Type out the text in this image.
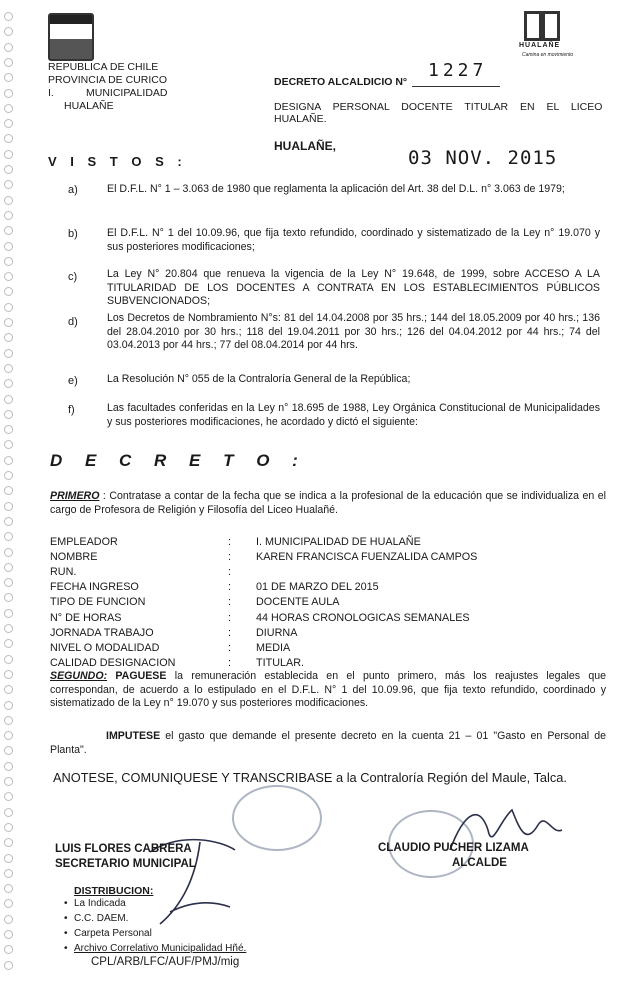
REPUBLICA DE CHILE
PROVINCIA DE CURICO
I.	MUNICIPALIDAD
HUALAÑE
HUALAÑE
Camina en movimiento
DECRETO ALCALDICIO N°
1227
DESIGNA PERSONAL DOCENTE TITULAR EN EL LICEO
HUALAÑE.
HUALAÑE,
03 NOV. 2015
V I S T O S :
a)	El D.F.L. N° 1 – 3.063 de 1980 que reglamenta la aplicación del Art. 38 del D.L. n° 3.063 de 1979;
b)	El D.F.L. N° 1 del 10.09.96, que fija texto refundido, coordinado y sistematizado de la Ley n° 19.070 y sus posteriores modificaciones;
c)	La Ley N° 20.804 que renueva la vigencia de la Ley N° 19.648, de 1999, sobre ACCESO A LA TITULARIDAD DE LOS DOCENTES A CONTRATA EN LOS ESTABLECIMIENTOS PÚBLICOS SUBVENCIONADOS;
d)	Los Decretos de Nombramiento N°s: 81 del 14.04.2008 por 35 hrs.; 144 del 18.05.2009 por 40 hrs.; 136 del 28.04.2010 por 30 hrs.; 118 del 19.04.2011 por 30 hrs.; 126 del 04.04.2012 por 44 hrs.; 74 del 03.04.2013 por 44 hrs.; 77 del 08.04.2014 por 44 hrs.
e)	La Resolución N° 055 de la Contraloría General de la República;
f)	Las facultades conferidas en la Ley n° 18.695 de 1988, Ley Orgánica Constitucional de Municipalidades y sus posteriores modificaciones, he acordado y dictó el siguiente:
D E C R E T O :
PRIMERO : Contratase a contar de la fecha que se indica a la profesional de la educación que se individualiza en el cargo de Profesora de Religión y Filosofía del Liceo Hualañé.
EMPLEADOR	: I. MUNICIPALIDAD DE HUALAÑE
NOMBRE	: KAREN FRANCISCA FUENZALIDA CAMPOS
RUN.	:
FECHA INGRESO	: 01 DE MARZO DEL 2015
TIPO DE FUNCION	: DOCENTE AULA
N° DE HORAS	: 44 HORAS CRONOLOGICAS SEMANALES
JORNADA TRABAJO	: DIURNA
NIVEL O MODALIDAD	: MEDIA
CALIDAD DESIGNACION	: TITULAR.
SEGUNDO: PAGUESE la remuneración establecida en el punto primero, más los reajustes legales que correspondan, de acuerdo a lo estipulado en el D.F.L. N° 1 del 10.09.96, que fija texto refundido, coordinado y sistematizado de la Ley n° 19.070 y sus posteriores modificaciones.
IMPUTESE el gasto que demande el presente decreto en la cuenta 21 – 01 "Gasto en Personal de Planta".
ANOTESE, COMUNIQUESE Y TRANSCRIBASE a la Contraloría Región del Maule, Talca.
LUIS FLORES CABRERA
SECRETARIO MUNICIPAL
CLAUDIO PUCHER LIZAMA
ALCALDE
DISTRIBUCION:
• La Indicada
• C.C. DAEM.
• Carpeta Personal
• Archivo Correlativo Municipalidad Hñé.
CPL/ARB/LFC/AUF/PMJ/mig
